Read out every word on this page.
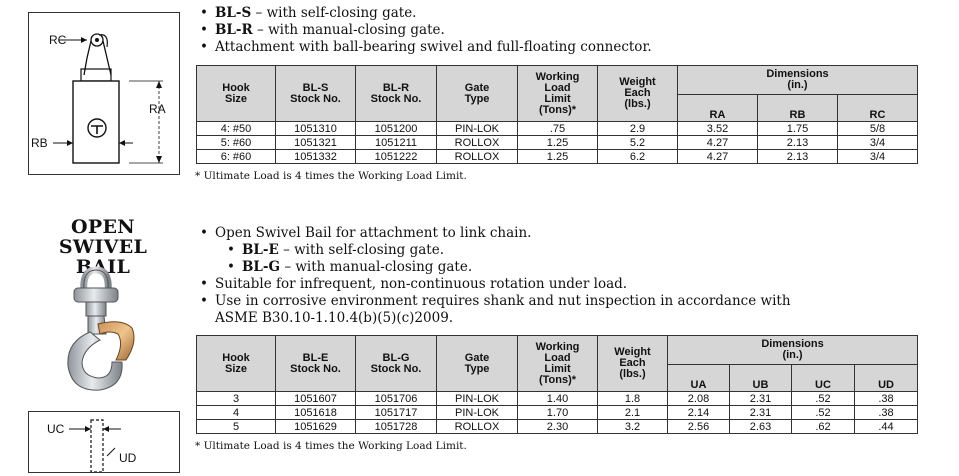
RC
RA
RB
• BL-S – with self-closing gate.
• BL-R – with manual-closing gate.
• Attachment with ball-bearing swivel and full-floating connector.
Hook
Size	BL-S
Stock No.	BL-R
Stock No.	Gate
Type	Working
Load
Limit
(Tons)*	Weight
Each
(lbs.)	Dimensions
(in.)		
						RA	RB	RC
4: #50	1051310	1051200	PIN-LOK	.75	2.9	3.52	1.75	5/8
5: #60	1051321	1051211	ROLLOX	1.25	5.2	4.27	2.13	3/4
6: #60	1051332	1051222	ROLLOX	1.25	6.2	4.27	2.13	3/4
* Ultimate Load is 4 times the Working Load Limit.
OPEN SWIVEL
BAIL
UC
UD
• Open Swivel Bail for attachment to link chain.
• BL-E – with self-closing gate.
• BL-G – with manual-closing gate.
• Suitable for infrequent, non-continuous rotation under load.
• Use in corrosive environment requires shank and nut inspection in accordance with
ASME B30.10-1.10.4(b)(5)(c)2009.
Hook
Size	BL-E
Stock No.	BL-G
Stock No.	Gate
Type	Working
Load
Limit
(Tons)*	Weight
Each
(lbs.)	Dimensions
(in.)			
						UA	UB	UC	UD
3	1051607	1051706	PIN-LOK	1.40	1.8	2.08	2.31	.52	.38
4	1051618	1051717	PIN-LOK	1.70	2.1	2.14	2.31	.52	.38
5	1051629	1051728	ROLLOX	2.30	3.2	2.56	2.63	.62	.44
* Ultimate Load is 4 times the Working Load Limit.
